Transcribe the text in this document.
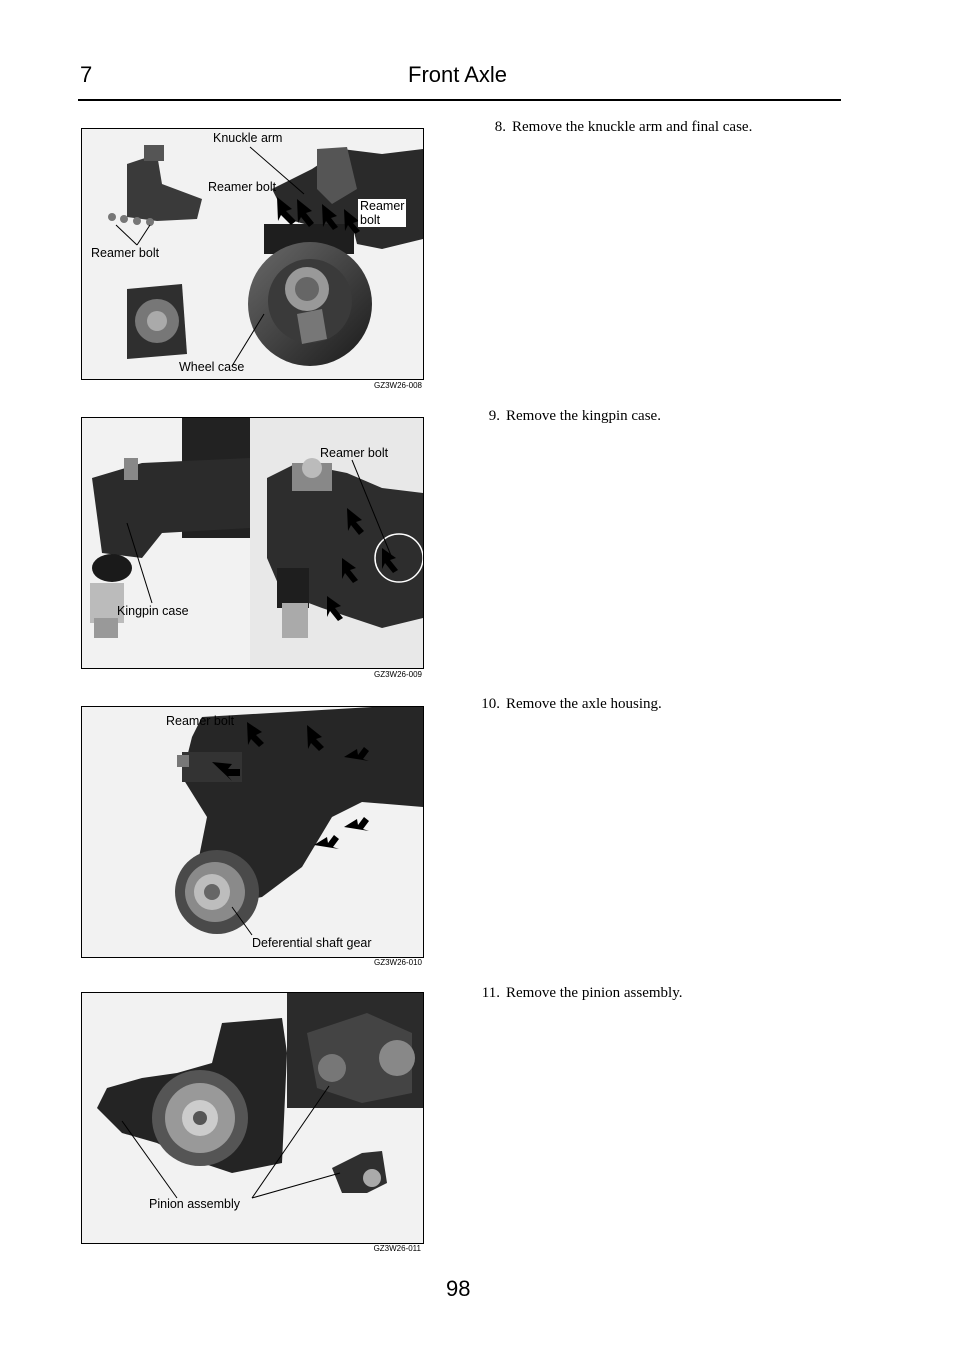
7	Front Axle
Knuckle arm
Reamer bolt
Reamer
bolt
Reamer bolt
Wheel case
GZ3W26-008
Reamer bolt
Kingpin case
GZ3W26-009
Reamer bolt
Deferential shaft gear
GZ3W26-010
Pinion assembly
GZ3W26-011
8. Remove the knuckle arm and final case.
9. Remove the kingpin case.
10. Remove the axle housing.
11. Remove the pinion assembly.
98
